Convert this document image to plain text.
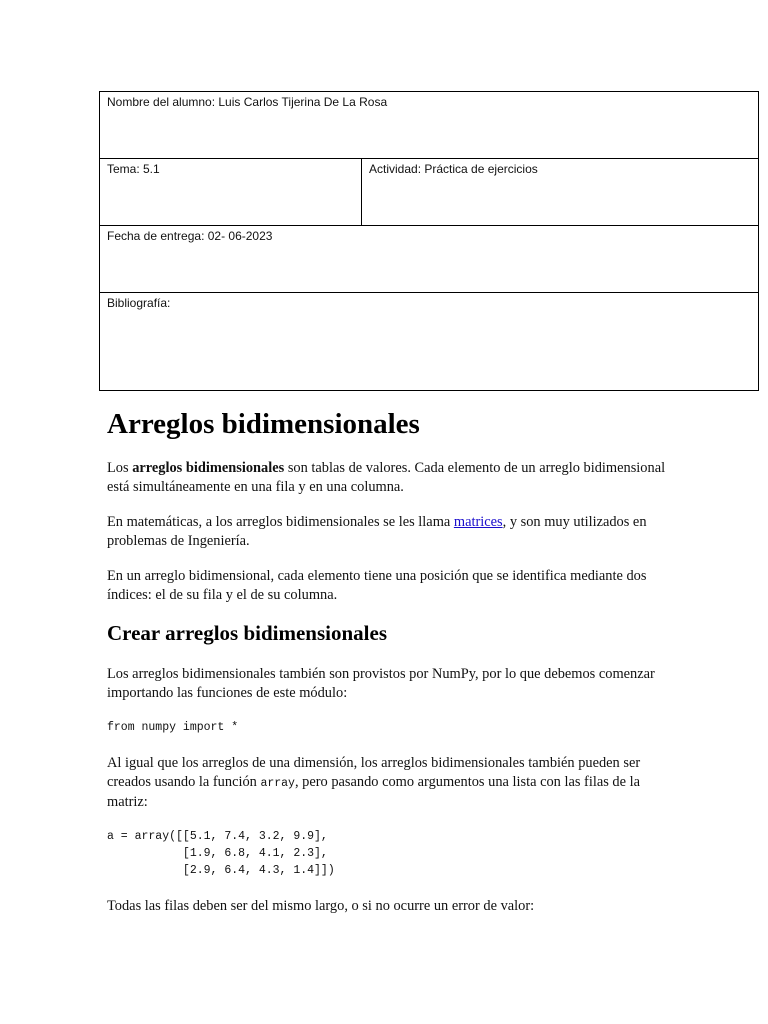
Nombre del alumno: Luis Carlos Tijerina De La Rosa
Tema: 5.1	Actividad: Práctica de ejercicios
Fecha de entrega: 02- 06-2023
Bibliografía:
Arreglos bidimensionales

Los arreglos bidimensionales son tablas de valores. Cada elemento de un arreglo bidimensional está simultáneamente en una fila y en una columna.

En matemáticas, a los arreglos bidimensionales se les llama matrices, y son muy utilizados en problemas de Ingeniería.

En un arreglo bidimensional, cada elemento tiene una posición que se identifica mediante dos índices: el de su fila y el de su columna.

Crear arreglos bidimensionales

Los arreglos bidimensionales también son provistos por NumPy, por lo que debemos comenzar importando las funciones de este módulo:

from numpy import *

Al igual que los arreglos de una dimensión, los arreglos bidimensionales también pueden ser creados usando la función array, pero pasando como argumentos una lista con las filas de la matriz:

a = array([[5.1, 7.4, 3.2, 9.9],
[1.9, 6.8, 4.1, 2.3],
[2.9, 6.4, 4.3, 1.4]])

Todas las filas deben ser del mismo largo, o si no ocurre un error de valor:
